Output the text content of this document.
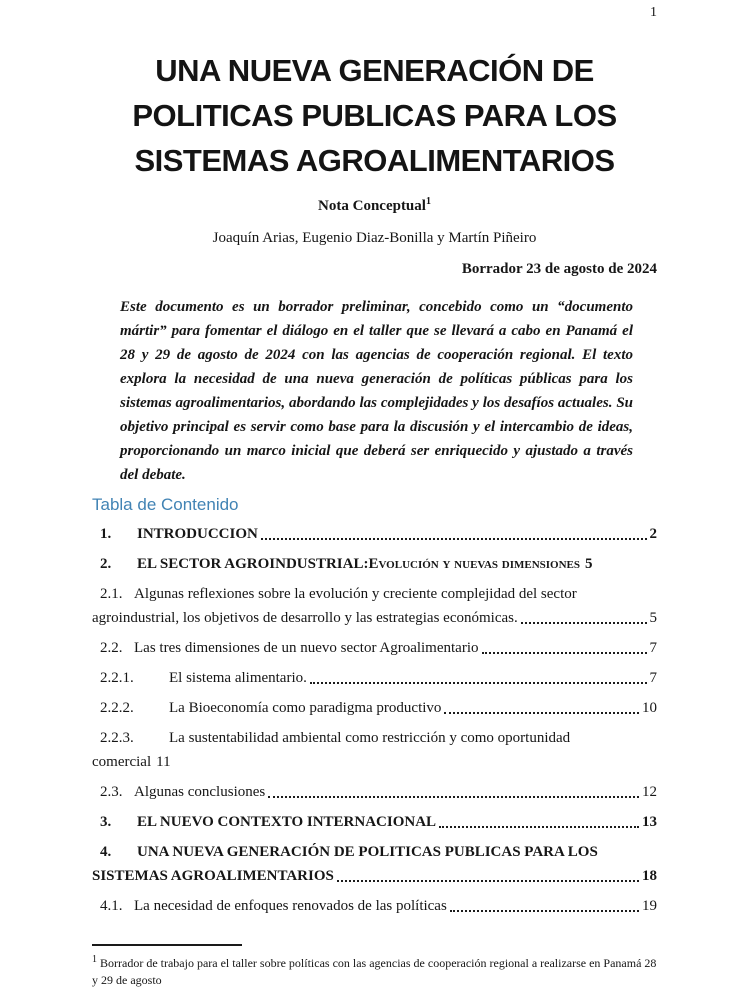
1
UNA NUEVA GENERACIÓN DE
POLITICAS PUBLICAS PARA LOS
SISTEMAS AGROALIMENTARIOS
Nota Conceptual$^1$
Joaquín Arias, Eugenio Diaz-Bonilla y Martín Piñeiro
Borrador 23 de agosto de 2024
Este documento es un borrador preliminar, concebido como un “documento mártir” para fomentar el diálogo en el taller que se llevará a cabo en Panamá el 28 y 29 de agosto de 2024 con las agencias de cooperación regional. El texto explora la necesidad de una nueva generación de políticas públicas para los sistemas agroalimentarios, abordando las complejidades y los desafíos actuales. Su objetivo principal es servir como base para la discusión y el intercambio de ideas, proporcionando un marco inicial que deberá ser enriquecido y ajustado a través del debate.
Tabla de Contenido
1.	INTRODUCCION	2
2.	EL SECTOR AGROINDUSTRIAL: Evolución y nuevas dimensiones 5
2.1. Algunas reflexiones sobre la evolución y creciente complejidad del sector
agroindustrial, los objetivos de desarrollo y las estrategias económicas.	5
2.2. Las tres dimensiones de un nuevo sector Agroalimentario	7
2.2.1.	El sistema alimentario.	7
2.2.2.	La Bioeconomía como paradigma productivo	10
2.2.3.	La sustentabilidad ambiental como restricción y como oportunidad
comercial 11
2.3. Algunas conclusiones	12
3.	EL NUEVO CONTEXTO INTERNACIONAL	13
4.	UNA NUEVA GENERACIÓN DE POLITICAS PUBLICAS PARA LOS
SISTEMAS AGROALIMENTARIOS	18
4.1. La necesidad de enfoques renovados de las políticas	19
$^1$ Borrador de trabajo para el taller sobre políticas con las agencias de cooperación regional a realizarse en Panamá 28 y 29 de agosto
